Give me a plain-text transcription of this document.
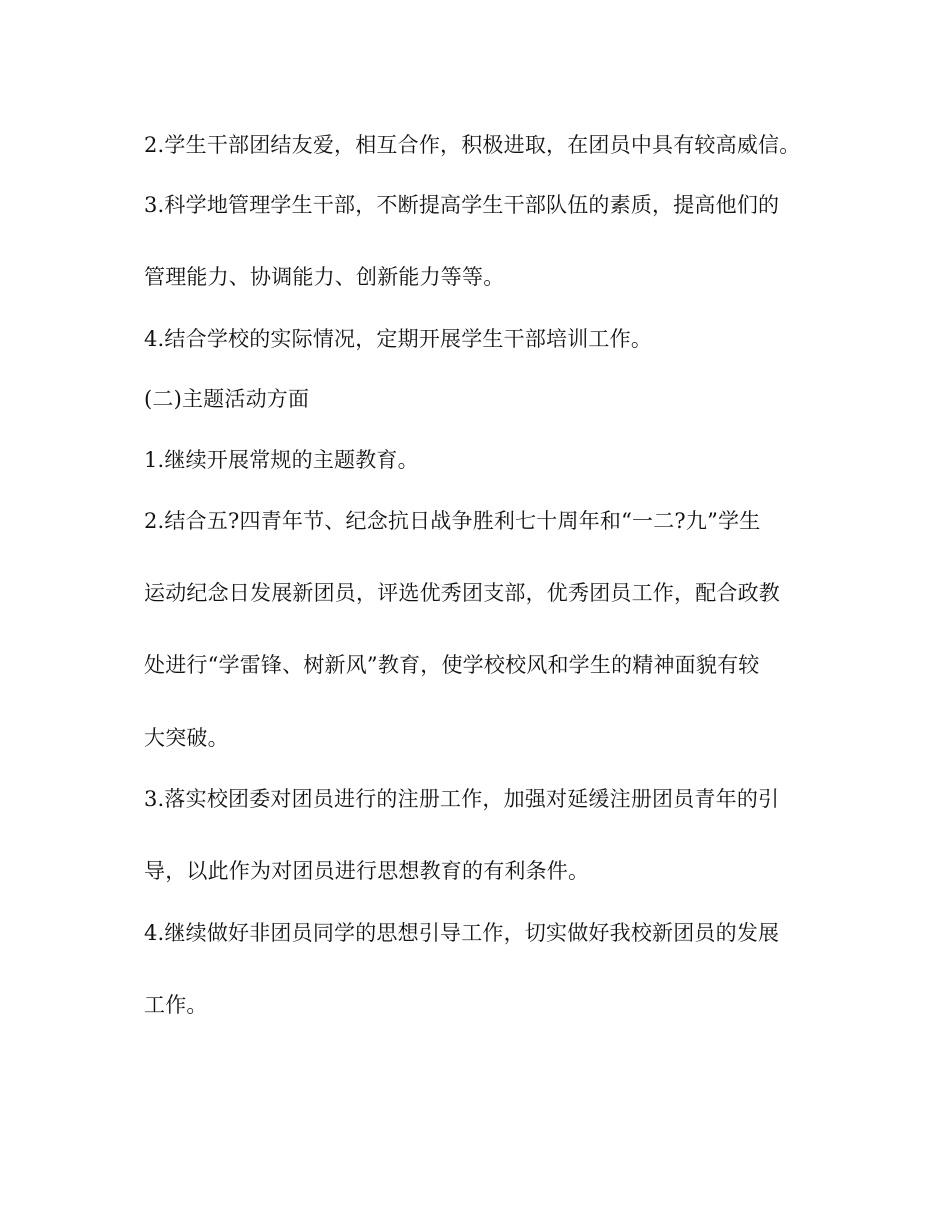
2.学生干部团结友爱，相互合作，积极进取，在团员中具有较高威信。
3.科学地管理学生干部，不断提高学生干部队伍的素质，提高他们的
管理能力、协调能力、创新能力等等。
4.结合学校的实际情况，定期开展学生干部培训工作。
(二)主题活动方面
1.继续开展常规的主题教育。
2.结合五?四青年节、纪念抗日战争胜利七十周年和“一二?九”学生
运动纪念日发展新团员，评选优秀团支部，优秀团员工作，配合政教
处进行“学雷锋、树新风”教育，使学校校风和学生的精神面貌有较
大突破。
3.落实校团委对团员进行的注册工作，加强对延缓注册团员青年的引
导，以此作为对团员进行思想教育的有利条件。
4.继续做好非团员同学的思想引导工作，切实做好我校新团员的发展
工作。
